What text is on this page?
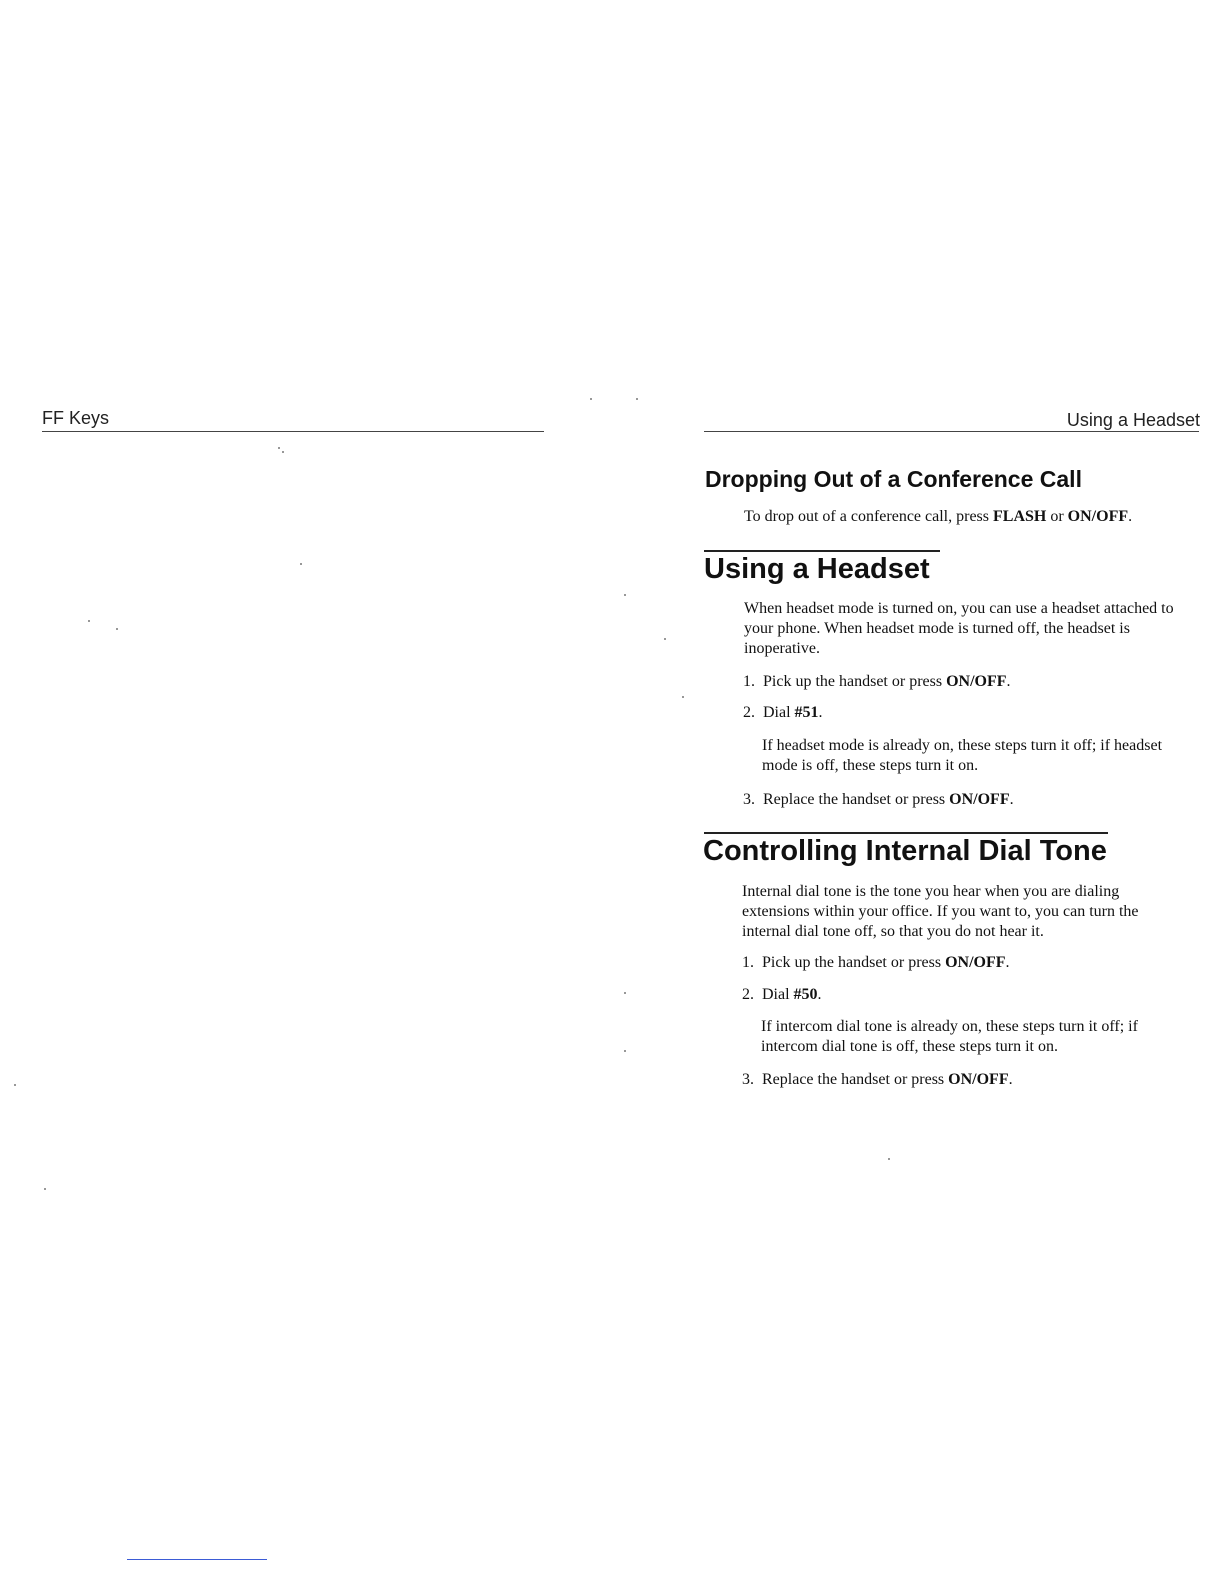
FF Keys	Using a Headset
Dropping Out of a Conference Call
To drop out of a conference call, press FLASH or ON/OFF.
Using a Headset
When headset mode is turned on, you can use a headset attached to your phone. When headset mode is turned off, the headset is inoperative.
1. Pick up the handset or press ON/OFF.
2. Dial #51.
If headset mode is already on, these steps turn it off; if headset mode is off, these steps turn it on.
3. Replace the handset or press ON/OFF.
Controlling Internal Dial Tone
Internal dial tone is the tone you hear when you are dialing extensions within your office. If you want to, you can turn the internal dial tone off, so that you do not hear it.
1. Pick up the handset or press ON/OFF.
2. Dial #50.
If intercom dial tone is already on, these steps turn it off; if intercom dial tone is off, these steps turn it on.
3. Replace the handset or press ON/OFF.
